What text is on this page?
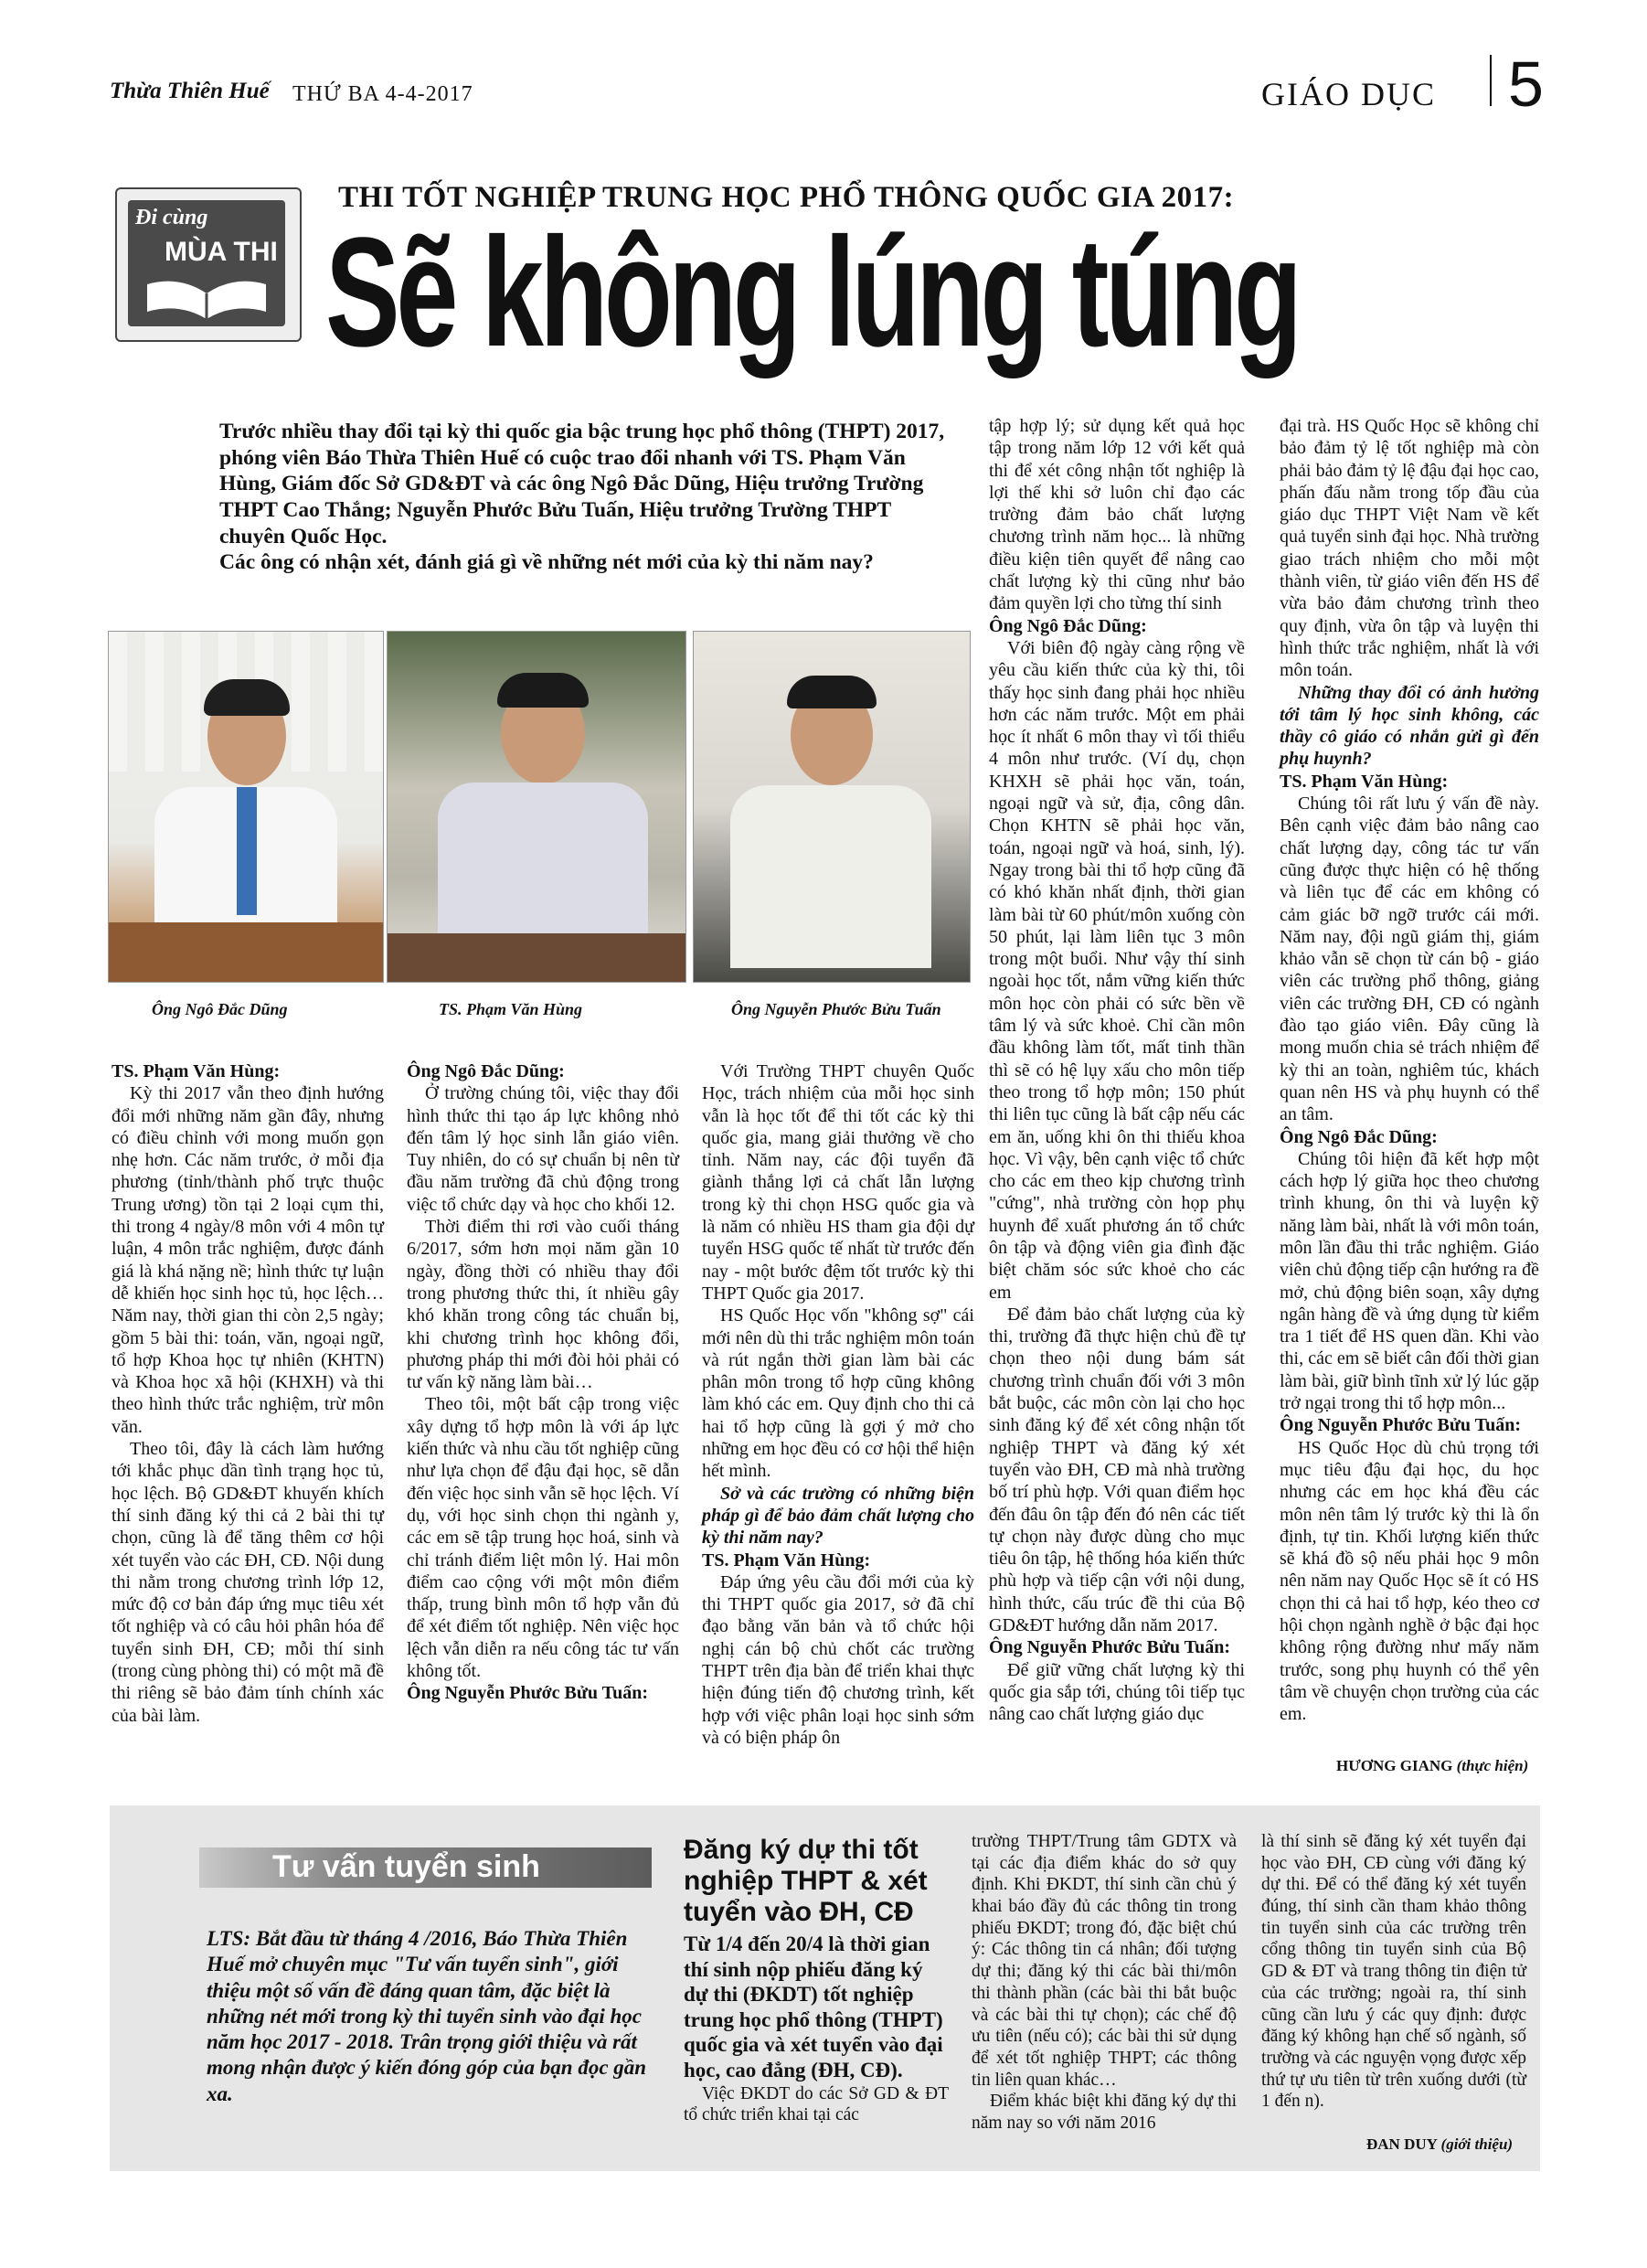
Thừa Thiên Huế THỨ BA 4-4-2017	GIÁO DỤC 5
Đi cùng
MÙA THI
THI TỐT NGHIỆP TRUNG HỌC PHỔ THÔNG QUỐC GIA 2017:
Sẽ không lúng túng

Trước nhiều thay đổi tại kỳ thi quốc gia bậc trung học phổ thông (THPT) 2017, phóng viên Báo Thừa Thiên Huế có cuộc trao đổi nhanh với TS. Phạm Văn Hùng, Giám đốc Sở GD&ĐT và các ông Ngô Đắc Dũng, Hiệu trưởng Trường THPT Cao Thắng; Nguyễn Phước Bửu Tuấn, Hiệu trưởng Trường THPT chuyên Quốc Học.

Các ông có nhận xét, đánh giá gì về những nét mới của kỳ thi năm nay?

Ông Ngô Đắc Dũng	TS. Phạm Văn Hùng	Ông Nguyễn Phước Bửu Tuấn

TS. Phạm Văn Hùng:

Kỳ thi 2017 vẫn theo định hướng đổi mới những năm gần đây, nhưng có điều chỉnh với mong muốn gọn nhẹ hơn. Các năm trước, ở mỗi địa phương (tỉnh/thành phố trực thuộc Trung ương) tồn tại 2 loại cụm thi, thi trong 4 ngày/8 môn với 4 môn tự luận, 4 môn trắc nghiệm, được đánh giá là khá nặng nề; hình thức tự luận dễ khiến học sinh học tủ, học lệch… Năm nay, thời gian thi còn 2,5 ngày; gồm 5 bài thi: toán, văn, ngoại ngữ, tổ hợp Khoa học tự nhiên (KHTN) và Khoa học xã hội (KHXH) và thi theo hình thức trắc nghiệm, trừ môn văn.

Theo tôi, đây là cách làm hướng tới khắc phục dần tình trạng học tủ, học lệch. Bộ GD&ĐT khuyến khích thí sinh đăng ký thi cả 2 bài thi tự chọn, cũng là để tăng thêm cơ hội xét tuyển vào các ĐH, CĐ. Nội dung thi nằm trong chương trình lớp 12, mức độ cơ bản đáp ứng mục tiêu xét tốt nghiệp và có câu hỏi phân hóa để tuyển sinh ĐH, CĐ; mỗi thí sinh (trong cùng phòng thi) có một mã đề thi riêng sẽ bảo đảm tính chính xác của bài làm.

Ông Ngô Đắc Dũng:

Ở trường chúng tôi, việc thay đổi hình thức thi tạo áp lực không nhỏ đến tâm lý học sinh lẫn giáo viên. Tuy nhiên, do có sự chuẩn bị nên từ đầu năm trường đã chủ động trong việc tổ chức dạy và học cho khối 12.

Thời điểm thi rơi vào cuối tháng 6/2017, sớm hơn mọi năm gần 10 ngày, đồng thời có nhiều thay đổi trong phương thức thi, ít nhiều gây khó khăn trong công tác chuẩn bị, khi chương trình học không đổi, phương pháp thi mới đòi hỏi phải có tư vấn kỹ năng làm bài…

Theo tôi, một bất cập trong việc xây dựng tổ hợp môn là với áp lực kiến thức và nhu cầu tốt nghiệp cũng như lựa chọn để đậu đại học, sẽ dẫn đến việc học sinh vẫn sẽ học lệch. Ví dụ, với học sinh chọn thi ngành y, các em sẽ tập trung học hoá, sinh và chỉ tránh điểm liệt môn lý. Hai môn điểm cao cộng với một môn điểm thấp, trung bình môn tổ hợp vẫn đủ để xét điểm tốt nghiệp. Nên việc học lệch vẫn diễn ra nếu công tác tư vấn không tốt.

Ông Nguyễn Phước Bửu Tuấn:

Với Trường THPT chuyên Quốc Học, trách nhiệm của mỗi học sinh vẫn là học tốt để thi tốt các kỳ thi quốc gia, mang giải thưởng về cho tỉnh. Năm nay, các đội tuyển đã giành thắng lợi cả chất lẫn lượng trong kỳ thi chọn HSG quốc gia và là năm có nhiều HS tham gia đội dự tuyển HSG quốc tế nhất từ trước đến nay - một bước đệm tốt trước kỳ thi THPT Quốc gia 2017.

HS Quốc Học vốn "không sợ" cái mới nên dù thi trắc nghiệm môn toán và rút ngắn thời gian làm bài các phân môn trong tổ hợp cũng không làm khó các em. Quy định cho thi cả hai tổ hợp cũng là gợi ý mở cho những em học đều có cơ hội thể hiện hết mình.

Sở và các trường có những biện pháp gì để bảo đảm chất lượng cho kỳ thi năm nay?

TS. Phạm Văn Hùng:

Đáp ứng yêu cầu đổi mới của kỳ thi THPT quốc gia 2017, sở đã chỉ đạo bằng văn bản và tổ chức hội nghị cán bộ chủ chốt các trường THPT trên địa bàn để triển khai thực hiện đúng tiến độ chương trình, kết hợp với việc phân loại học sinh sớm và có biện pháp ôn

tập hợp lý; sử dụng kết quả học tập trong năm lớp 12 với kết quả thi để xét công nhận tốt nghiệp là lợi thế khi sở luôn chỉ đạo các trường đảm bảo chất lượng chương trình năm học... là những điều kiện tiên quyết để nâng cao chất lượng kỳ thi cũng như bảo đảm quyền lợi cho từng thí sinh

Ông Ngô Đắc Dũng:

Với biên độ ngày càng rộng về yêu cầu kiến thức của kỳ thi, tôi thấy học sinh đang phải học nhiều hơn các năm trước. Một em phải học ít nhất 6 môn thay vì tối thiểu 4 môn như trước. (Ví dụ, chọn KHXH sẽ phải học văn, toán, ngoại ngữ và sử, địa, công dân. Chọn KHTN sẽ phải học văn, toán, ngoại ngữ và hoá, sinh, lý). Ngay trong bài thi tổ hợp cũng đã có khó khăn nhất định, thời gian làm bài từ 60 phút/môn xuống còn 50 phút, lại làm liên tục 3 môn trong một buổi. Như vậy thí sinh ngoài học tốt, nắm vững kiến thức môn học còn phải có sức bền về tâm lý và sức khoẻ. Chỉ cần môn đầu không làm tốt, mất tinh thần thì sẽ có hệ lụy xấu cho môn tiếp theo trong tổ hợp môn; 150 phút thi liên tục cũng là bất cập nếu các em ăn, uống khi ôn thi thiếu khoa học. Vì vậy, bên cạnh việc tổ chức cho các em theo kịp chương trình "cứng", nhà trường còn họp phụ huynh để xuất phương án tổ chức ôn tập và động viên gia đình đặc biệt chăm sóc sức khoẻ cho các em

Để đảm bảo chất lượng của kỳ thi, trường đã thực hiện chủ đề tự chọn theo nội dung bám sát chương trình chuẩn đối với 3 môn bắt buộc, các môn còn lại cho học sinh đăng ký để xét công nhận tốt nghiệp THPT và đăng ký xét tuyển vào ĐH, CĐ mà nhà trường bố trí phù hợp. Với quan điểm học đến đâu ôn tập đến đó nên các tiết tự chọn này được dùng cho mục tiêu ôn tập, hệ thống hóa kiến thức phù hợp và tiếp cận với nội dung, hình thức, cấu trúc đề thi của Bộ GD&ĐT hướng dẫn năm 2017.

Ông Nguyễn Phước Bửu Tuấn:

Để giữ vững chất lượng kỳ thi quốc gia sắp tới, chúng tôi tiếp tục nâng cao chất lượng giáo dục

đại trà. HS Quốc Học sẽ không chỉ bảo đảm tỷ lệ tốt nghiệp mà còn phải bảo đảm tỷ lệ đậu đại học cao, phấn đấu nằm trong tốp đầu của giáo dục THPT Việt Nam về kết quả tuyển sinh đại học. Nhà trường giao trách nhiệm cho mỗi một thành viên, từ giáo viên đến HS để vừa bảo đảm chương trình theo quy định, vừa ôn tập và luyện thi hình thức trắc nghiệm, nhất là với môn toán.

Những thay đổi có ảnh hưởng tới tâm lý học sinh không, các thầy cô giáo có nhắn gửi gì đến phụ huynh?

TS. Phạm Văn Hùng:

Chúng tôi rất lưu ý vấn đề này. Bên cạnh việc đảm bảo nâng cao chất lượng dạy, công tác tư vấn cũng được thực hiện có hệ thống và liên tục để các em không có cảm giác bỡ ngỡ trước cái mới. Năm nay, đội ngũ giám thị, giám khảo vẫn sẽ chọn từ cán bộ - giáo viên các trường phổ thông, giảng viên các trường ĐH, CĐ có ngành đào tạo giáo viên. Đây cũng là mong muốn chia sẻ trách nhiệm để kỳ thi an toàn, nghiêm túc, khách quan nên HS và phụ huynh có thể an tâm.

Ông Ngô Đắc Dũng:

Chúng tôi hiện đã kết hợp một cách hợp lý giữa học theo chương trình khung, ôn thi và luyện kỹ năng làm bài, nhất là với môn toán, môn lần đầu thi trắc nghiệm. Giáo viên chủ động tiếp cận hướng ra đề mở, chủ động biên soạn, xây dựng ngân hàng đề và ứng dụng từ kiểm tra 1 tiết để HS quen dần. Khi vào thi, các em sẽ biết cân đối thời gian làm bài, giữ bình tĩnh xử lý lúc gặp trở ngại trong thi tổ hợp môn...

Ông Nguyễn Phước Bửu Tuấn:

HS Quốc Học dù chủ trọng tới mục tiêu đậu đại học, du học nhưng các em học khá đều các môn nên tâm lý trước kỳ thi là ổn định, tự tin. Khối lượng kiến thức sẽ khá đồ sộ nếu phải học 9 môn nên năm nay Quốc Học sẽ ít có HS chọn thi cả hai tổ hợp, kéo theo cơ hội chọn ngành nghề ở bậc đại học không rộng đường như mấy năm trước, song phụ huynh có thể yên tâm về chuyện chọn trường của các em.

HƯƠNG GIANG (thực hiện)
Tư vấn tuyển sinh
LTS: Bắt đầu từ tháng 4 /2016, Báo Thừa Thiên Huế mở chuyên mục "Tư vấn tuyển sinh", giới thiệu một số vấn đề đáng quan tâm, đặc biệt là những nét mới trong kỳ thi tuyển sinh vào đại học năm học 2017 - 2018. Trân trọng giới thiệu và rất mong nhận được ý kiến đóng góp của bạn đọc gần xa.
Đăng ký dự thi tốt nghiệp THPT & xét tuyển vào ĐH, CĐ
Từ 1/4 đến 20/4 là thời gian thí sinh nộp phiếu đăng ký dự thi (ĐKDT) tốt nghiệp trung học phổ thông (THPT) quốc gia và xét tuyển vào đại học, cao đẳng (ĐH, CĐ).

Việc ĐKDT do các Sở GD & ĐT tổ chức triển khai tại các

trường THPT/Trung tâm GDTX và tại các địa điểm khác do sở quy định. Khi ĐKDT, thí sinh cần chủ ý khai báo đầy đủ các thông tin trong phiếu ĐKDT; trong đó, đặc biệt chú ý: Các thông tin cá nhân; đối tượng dự thi; đăng ký thi các bài thi/môn thi thành phần (các bài thi bắt buộc và các bài thi tự chọn); các chế độ ưu tiên (nếu có); các bài thi sử dụng để xét tốt nghiệp THPT; các thông tin liên quan khác…

Điểm khác biệt khi đăng ký dự thi năm nay so với năm 2016

là thí sinh sẽ đăng ký xét tuyển đại học vào ĐH, CĐ cùng với đăng ký dự thi. Để có thể đăng ký xét tuyển đúng, thí sinh cần tham khảo thông tin tuyển sinh của các trường trên cổng thông tin tuyển sinh của Bộ GD & ĐT và trang thông tin điện tử của các trường; ngoài ra, thí sinh cũng cần lưu ý các quy định: được đăng ký không hạn chế số ngành, số trường và các nguyện vọng được xếp thứ tự ưu tiên từ trên xuống dưới (từ 1 đến n).

ĐAN DUY (giới thiệu)
